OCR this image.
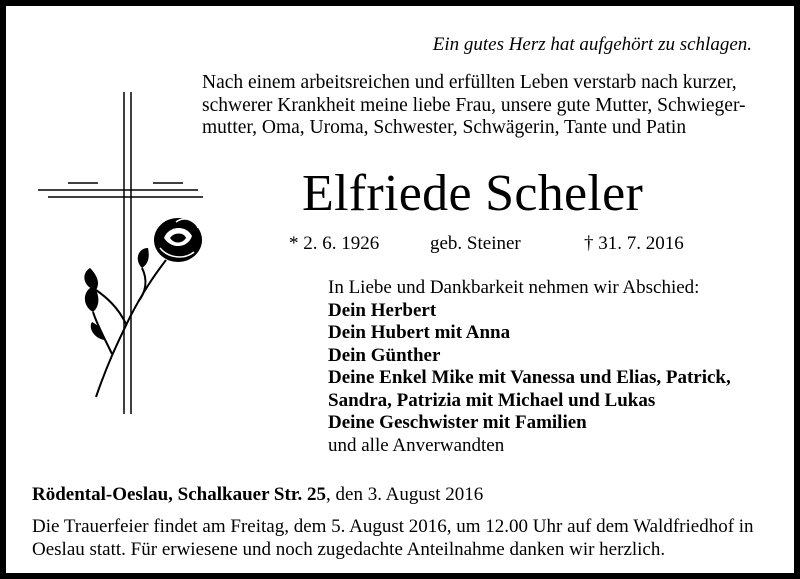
Ein gutes Herz hat aufgehört zu schlagen.
Nach einem arbeitsreichen und erfüllten Leben verstarb nach kurzer, schwerer Krankheit meine liebe Frau, unsere gute Mutter, Schwieger-mutter, Oma, Uroma, Schwester, Schwägerin, Tante und Patin
Elfriede Scheler
* 2. 6. 1926	geb. Steiner	† 31. 7. 2016
In Liebe und Dankbarkeit nehmen wir Abschied:
Dein Herbert
Dein Hubert mit Anna
Dein Günther
Deine Enkel Mike mit Vanessa und Elias, Patrick,
Sandra, Patrizia mit Michael und Lukas
Deine Geschwister mit Familien
und alle Anverwandten
Rödental-Oeslau, Schalkauer Str. 25, den 3. August 2016
Die Trauerfeier findet am Freitag, dem 5. August 2016, um 12.00 Uhr auf dem Waldfriedhof in Oeslau statt. Für erwiesene und noch zugedachte Anteilnahme danken wir herzlich.
